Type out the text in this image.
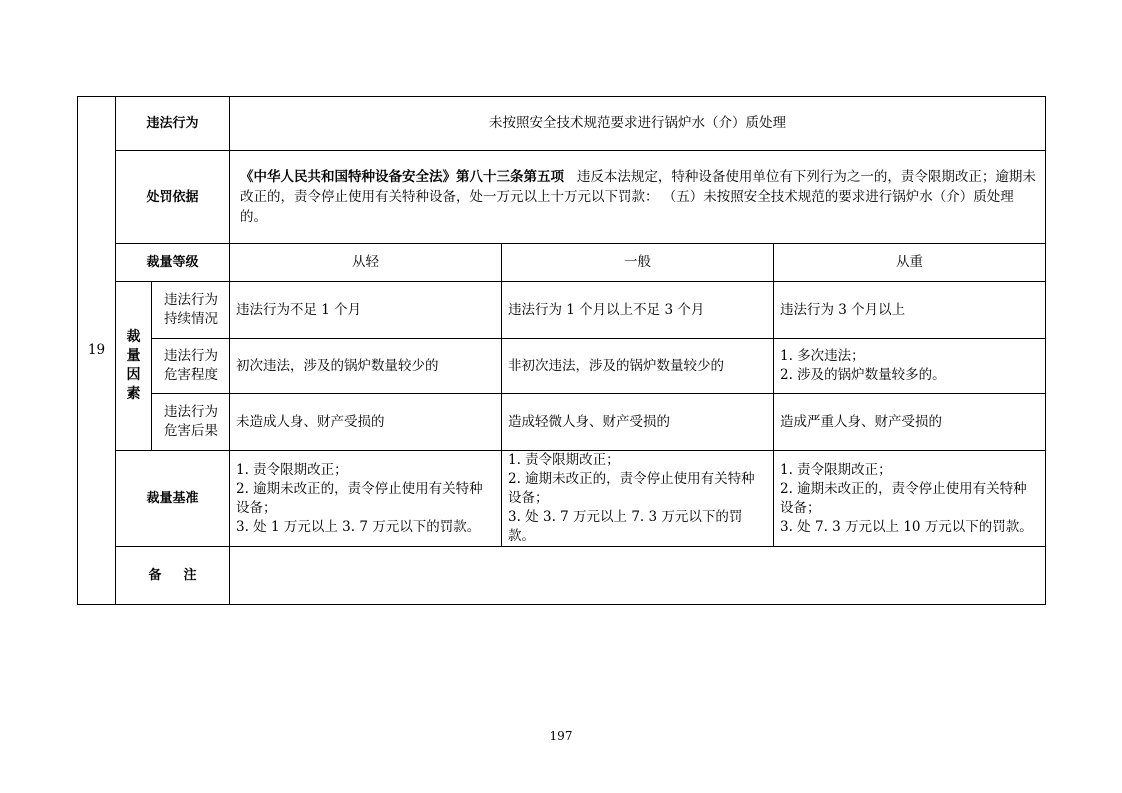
19	违法行为		未按照安全技术规范要求进行锅炉水（介）质处理		
	处罚依据		《中华人民共和国特种设备安全法》第八十三条第五项 违反本法规定，特种设备使用单位有下列行为之一的，责令限期改正；逾期未改正的，责令停止使用有关特种设备，处一万元以上十万元以下罚款： （五）未按照安全技术规范的要求进行锅炉水（介）质处理的。		
	裁量等级		从轻	一般	从重

	裁
量
因
素	违法行为持续情况	违法行为不足 1 个月	违法行为 1 个月以上不足 3 个月	违法行为 3 个月以上
		违法行为危害程度	初次违法，涉及的锅炉数量较少的	非初次违法，涉及的锅炉数量较少的	1. 多次违法；
2. 涉及的锅炉数量较多的。

		违法行为危害后果	未造成人身、财产受损的	造成轻微人身、财产受损的	造成严重人身、财产受损的
	裁量基准		1. 责令限期改正；
2. 逾期未改正的，责令停止使用有关特种设备；
3. 处 1 万元以上 3. 7 万元以下的罚款。	1. 责令限期改正；
2. 逾期未改正的，责令停止使用有关特种设备；
3. 处 3. 7 万元以上 7. 3 万元以下的罚款。	1. 责令限期改正；
2. 逾期未改正的，责令停止使用有关特种设备；
3. 处 7. 3 万元以上 10 万元以下的罚款。

	备 注				
197
